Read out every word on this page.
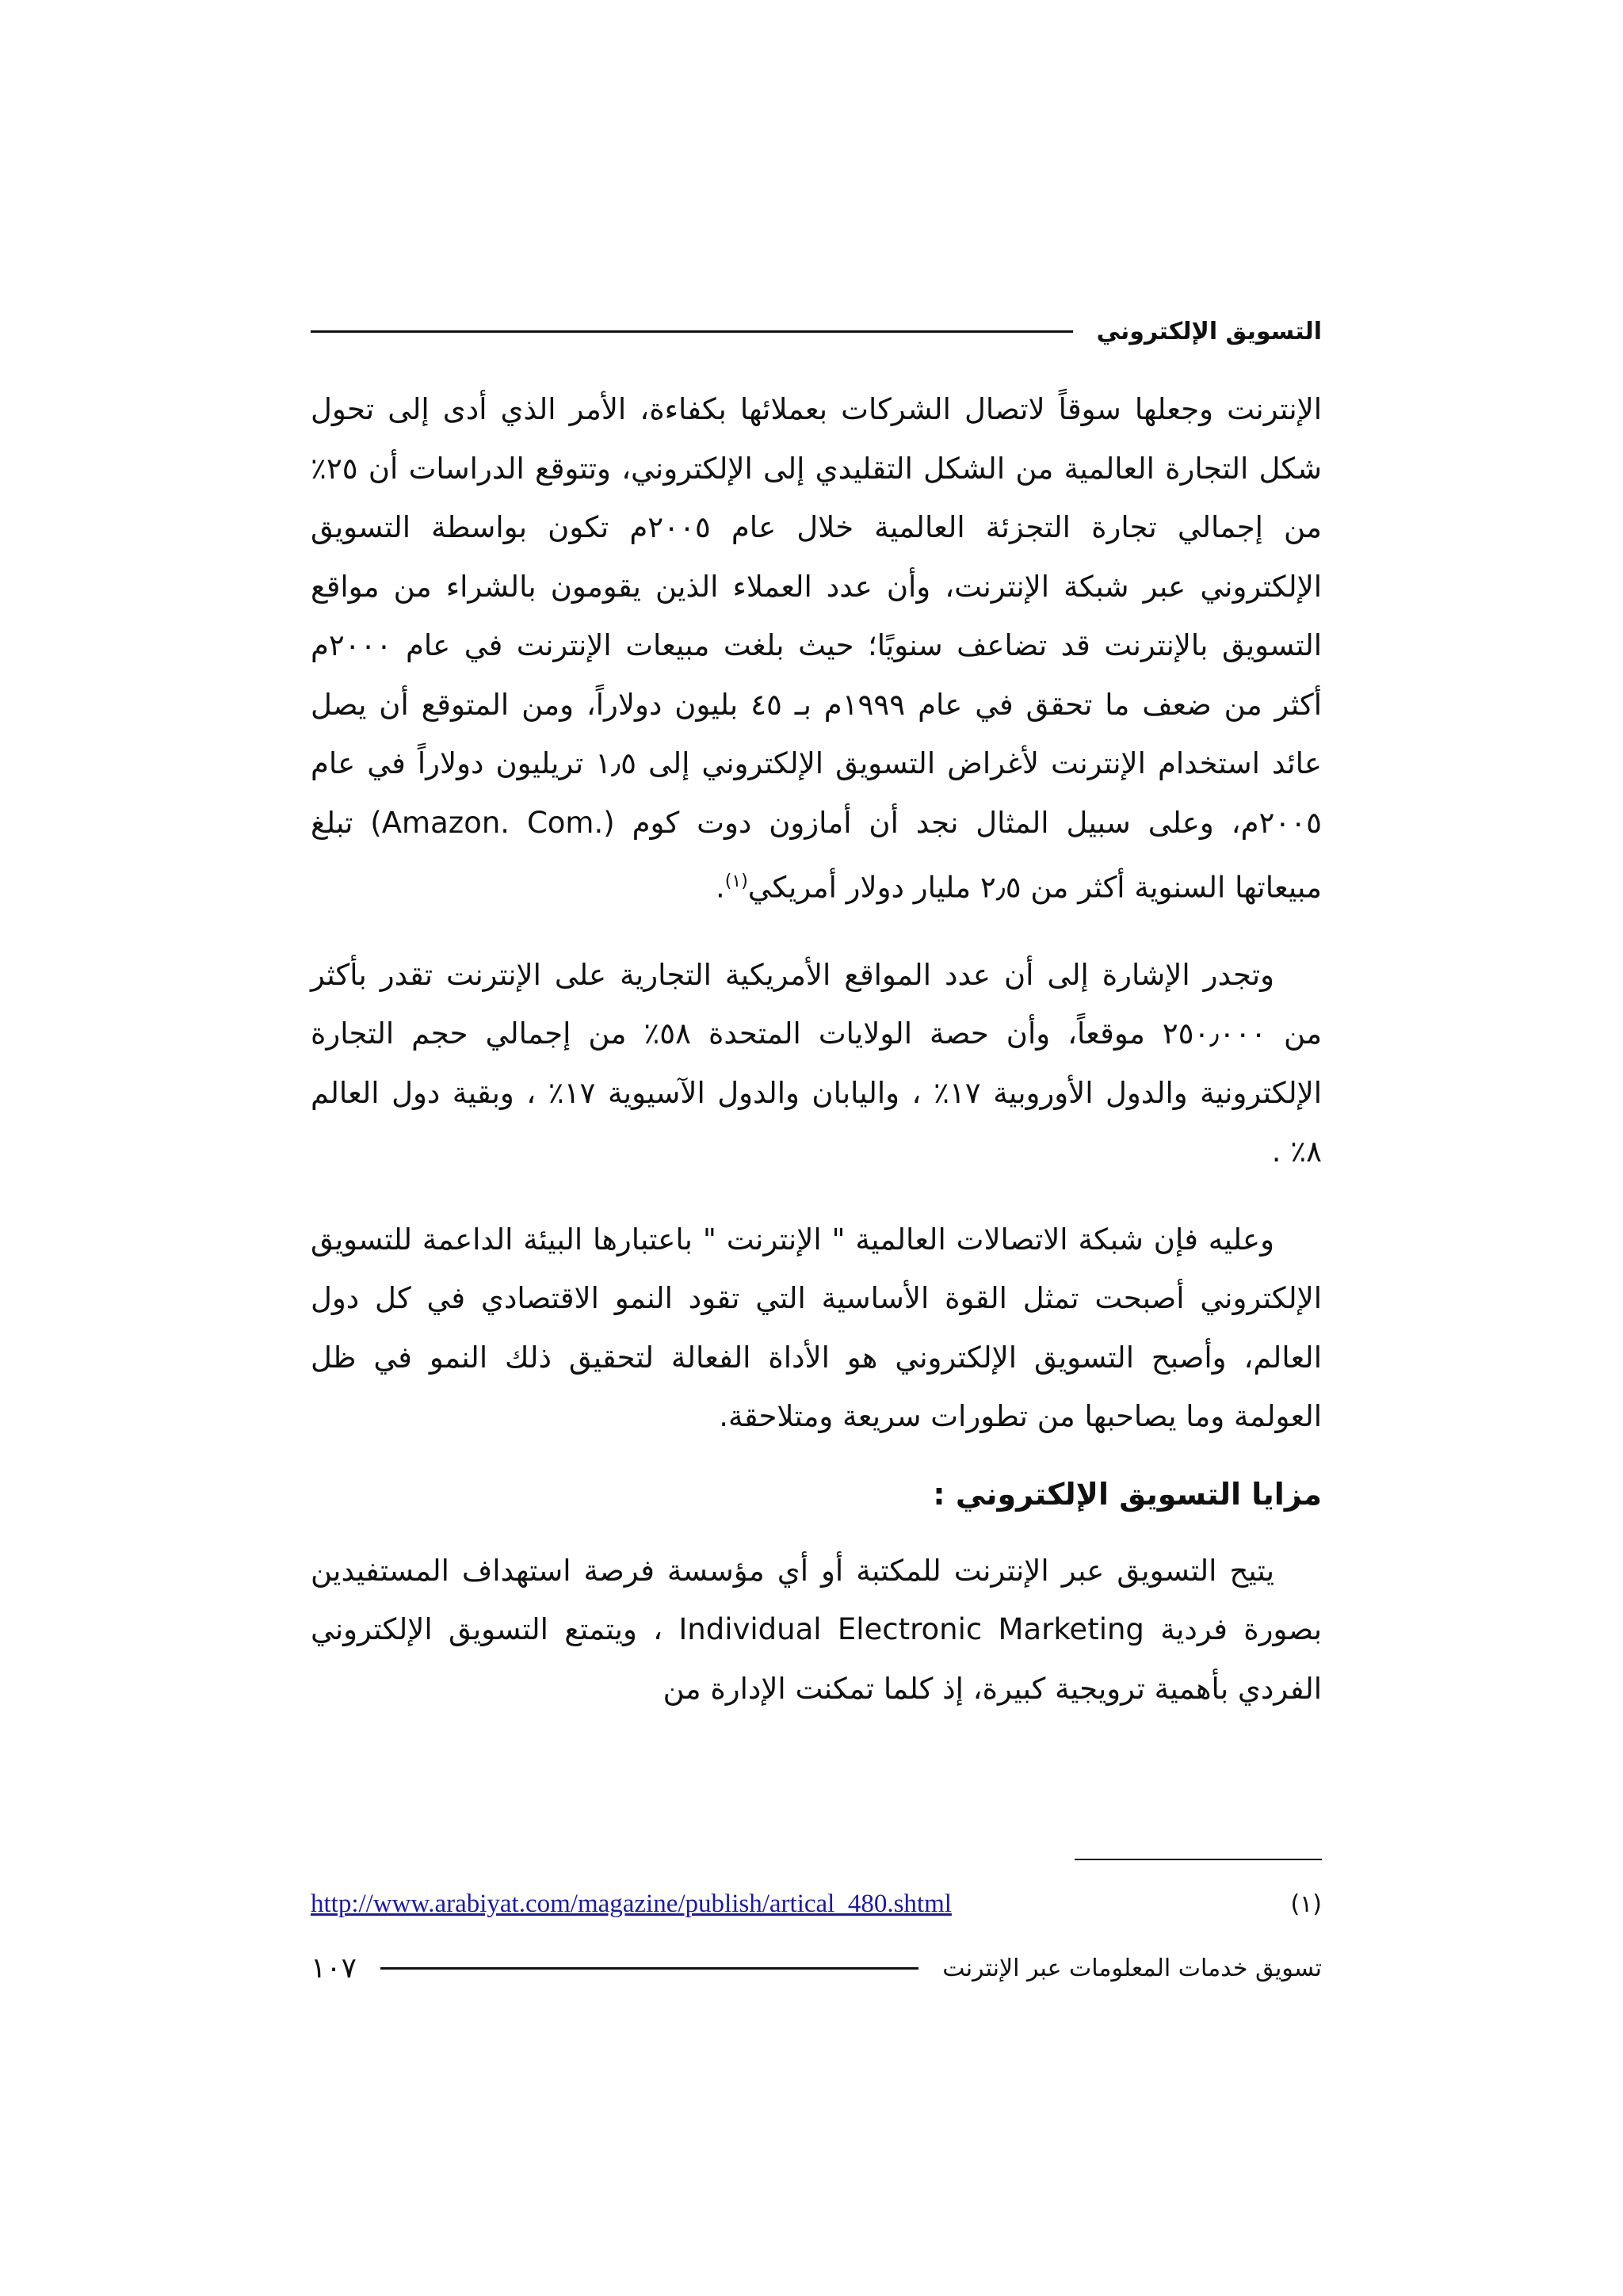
التسويق الإلكتروني

الإنترنت وجعلها سوقاً لاتصال الشركات بعملائها بكفاءة، الأمر الذي أدى إلى تحول شكل التجارة العالمية من الشكل التقليدي إلى الإلكتروني، وتتوقع الدراسات أن ٢٥٪ من إجمالي تجارة التجزئة العالمية خلال عام ٢٠٠٥م تكون بواسطة التسويق الإلكتروني عبر شبكة الإنترنت، وأن عدد العملاء الذين يقومون بالشراء من مواقع التسويق بالإنترنت قد تضاعف سنويًا؛ حيث بلغت مبيعات الإنترنت في عام ٢٠٠٠م أكثر من ضعف ما تحقق في عام ١٩٩٩م بـ ٤٥ بليون دولاراً، ومن المتوقع أن يصل عائد استخدام الإنترنت لأغراض التسويق الإلكتروني إلى ١٫٥ تريليون دولاراً في عام ٢٠٠٥م، وعلى سبيل المثال نجد أن أمازون دوت كوم (.Amazon. Com) تبلغ مبيعاتها السنوية أكثر من ٢٫٥ مليار دولار أمريكي$^{(١)}$.

وتجدر الإشارة إلى أن عدد المواقع الأمريكية التجارية على الإنترنت تقدر بأكثر من ٢٥٠٫٠٠٠ موقعاً، وأن حصة الولايات المتحدة ٥٨٪ من إجمالي حجم التجارة الإلكترونية والدول الأوروبية ١٧٪ ، واليابان والدول الآسيوية ١٧٪ ، وبقية دول العالم ٨٪ .

وعليه فإن شبكة الاتصالات العالمية " الإنترنت " باعتبارها البيئة الداعمة للتسويق الإلكتروني أصبحت تمثل القوة الأساسية التي تقود النمو الاقتصادي في كل دول العالم، وأصبح التسويق الإلكتروني هو الأداة الفعالة لتحقيق ذلك النمو في ظل العولمة وما يصاحبها من تطورات سريعة ومتلاحقة.

مزايا التسويق الإلكتروني :

يتيح التسويق عبر الإنترنت للمكتبة أو أي مؤسسة فرصة استهداف المستفيدين بصورة فردية Individual Electronic Marketing ، ويتمتع التسويق الإلكتروني الفردي بأهمية ترويجية كبيرة، إذ كلما تمكنت الإدارة من

(١)
http://www.arabiyat.com/magazine/publish/artical_480.shtml
تسويق خدمات المعلومات عبر الإنترنت
١٠٧
